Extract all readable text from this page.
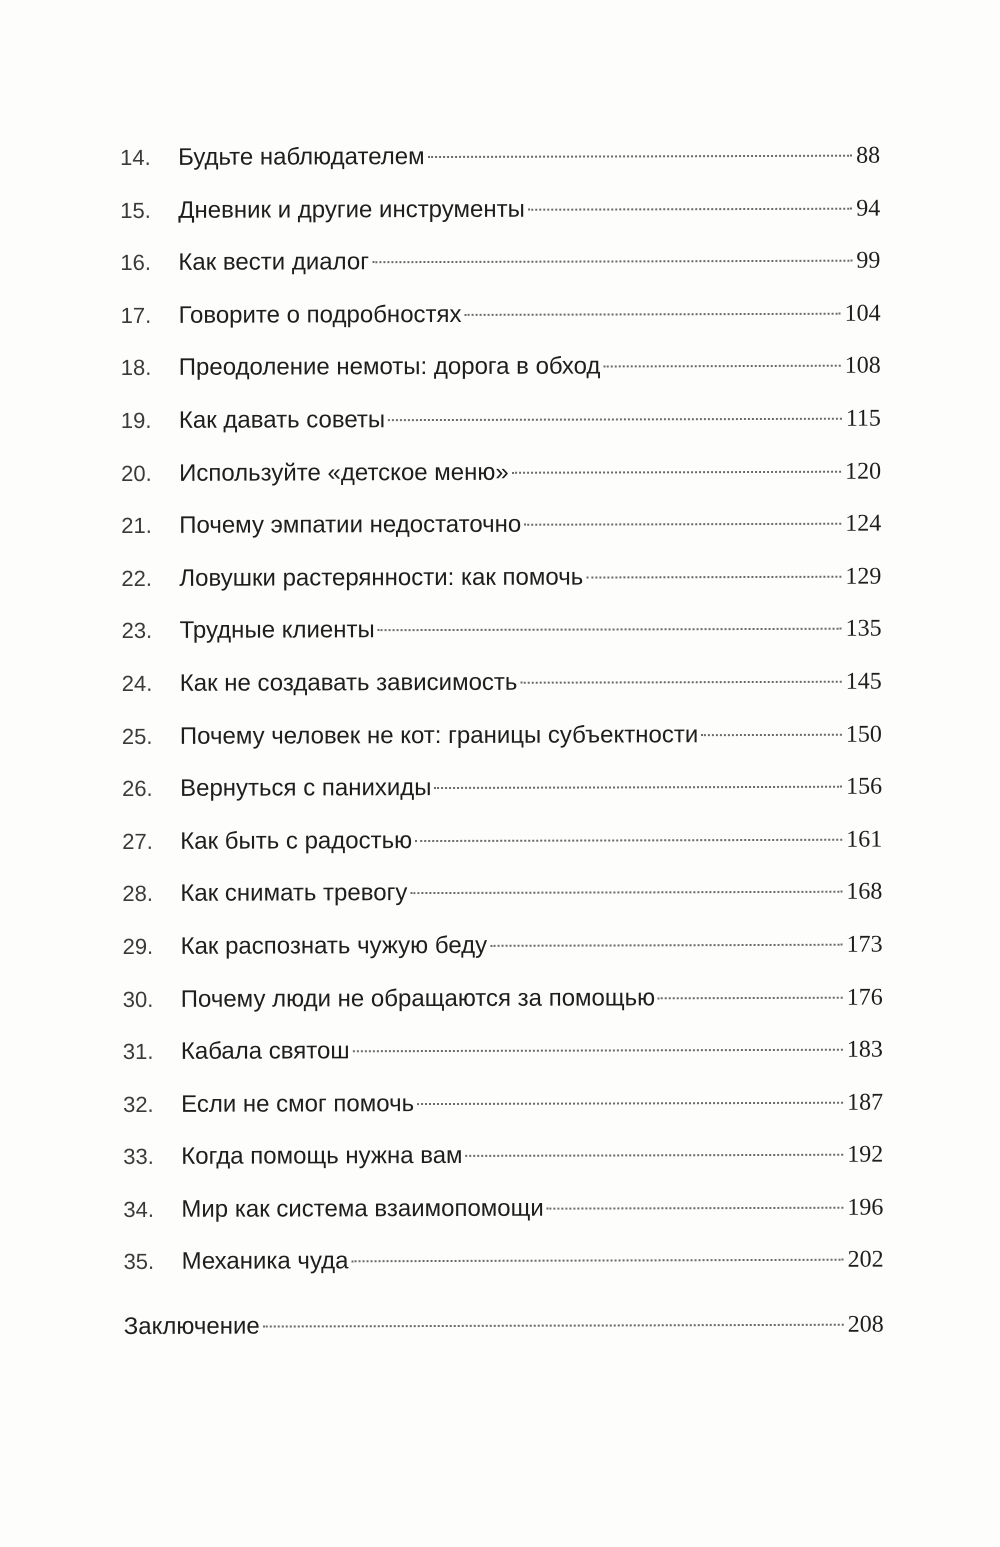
14.	Будьте наблюдателем	88
15.	Дневник и другие инструменты	94
16.	Как вести диалог	99
17.	Говорите о подробностях	104
18.	Преодоление немоты: дорога в обход	108
19.	Как давать советы	115
20.	Используйте «детское меню»	120
21.	Почему эмпатии недостаточно	124
22.	Ловушки растерянности: как помочь	129
23.	Трудные клиенты	135
24.	Как не создавать зависимость	145
25.	Почему человек не кот: границы субъектности	150
26.	Вернуться с панихиды	156
27.	Как быть с радостью	161
28.	Как снимать тревогу	168
29.	Как распознать чужую беду	173
30.	Почему люди не обращаются за помощью	176
31.	Кабала святош	183
32.	Если не смог помочь	187
33.	Когда помощь нужна вам	192
34.	Мир как система взаимопомощи	196
35.	Механика чуда	202
Заключение	208
